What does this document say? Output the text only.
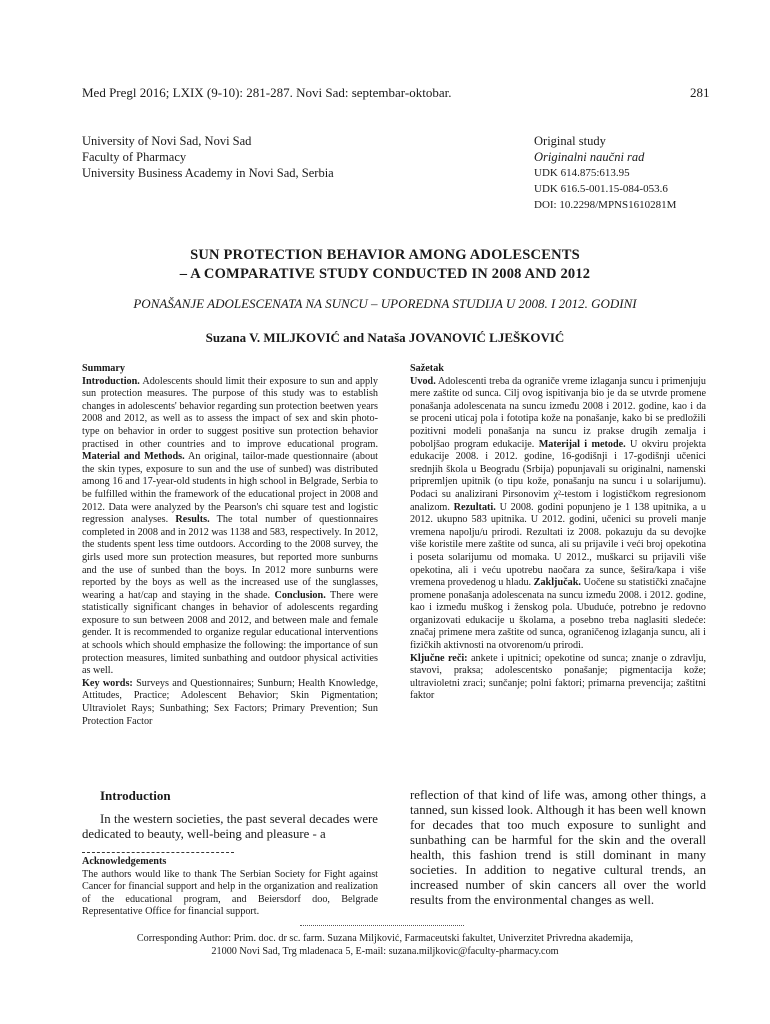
Med Pregl 2016; LXIX (9-10): 281-287. Novi Sad: septembar-oktobar.	281
University of Novi Sad, Novi Sad
Faculty of Pharmacy
University Business Academy in Novi Sad, Serbia
Original study
Originalni naučni rad
UDK 614.875:613.95
UDK 616.5-001.15-084-053.6
DOI: 10.2298/MPNS1610281M
SUN PROTECTION BEHAVIOR AMONG ADOLESCENTS
– A COMPARATIVE STUDY CONDUCTED IN 2008 AND 2012
PONAŠANJE ADOLESCENATA NA SUNCU – UPOREDNA STUDIJA U 2008. I 2012. GODINI
Suzana V. MILJKOVIĆ and Nataša JOVANOVIĆ LJEŠKOVIĆ
Summary
Introduction. Adolescents should limit their exposure to sun and apply sun protection measures. The purpose of this study was to establish changes in adolescents' behavior regarding sun protection beetwen years 2008 and 2012, as well as to assess the impact of sex and skin photo-type on behavior in order to suggest positive sun protection behavior practised in other countries and to improve educational program. Material and Methods. An original, tailor-made questionnaire (about the skin types, exposure to sun and the use of sunbed) was distributed among 16 and 17-year-old students in high school in Belgrade, Serbia to be fulfilled within the framework of the educational project in 2008 and 2012. Data were analyzed by the Pearson's chi square test and logistic regression analyses. Results. The total number of questionnaires completed in 2008 and in 2012 was 1138 and 583, respectively. In 2012, the students spent less time outdoors. According to the 2008 survey, the girls used more sun protection measures, but reported more sunburns and the use of sunbed than the boys. In 2012 more sunburns were reported by the boys as well as the increased use of the sunglasses, wearing a hat/cap and staying in the shade. Conclusion. There were statistically significant changes in behavior of adolescents regarding exposure to sun between 2008 and 2012, and between male and female gender. It is recommended to organize regular educational interventions at schools which should emphasize the following: the importance of sun protection measures, limited sunbathing and outdoor physical activities as well.
Key words: Surveys and Questionnaires; Sunburn; Health Knowledge, Attitudes, Practice; Adolescent Behavior; Skin Pigmentation; Ultraviolet Rays; Sunbathing; Sex Factors; Primary Prevention; Sun Protection Factor
Sažetak
Uvod. Adolescenti treba da ograniče vreme izlaganja suncu i primenjuju mere zaštite od sunca. Cilj ovog ispitivanja bio je da se utvrde promene ponašanja adolescenata na suncu između 2008 i 2012. godine, kao i da se proceni uticaj pola i fototipa kože na ponašanje, kako bi se predložili pozitivni modeli ponašanja na suncu iz prakse drugih zemalja i poboljšao program edukacije. Materijal i metode. U okviru projekta edukacije 2008. i 2012. godine, 16-godišnji i 17-godišnji učenici srednjih škola u Beogradu (Srbija) popunjavali su originalni, namenski pripremljen upitnik (o tipu kože, ponašanju na suncu i u solarijumu). Podaci su analizirani Pirsonovim χ²-testom i logističkom regresionom analizom. Rezultati. U 2008. godini popunjeno je 1 138 upitnika, a u 2012. ukupno 583 upitnika. U 2012. godini, učenici su proveli manje vremena napolju/u prirodi. Rezultati iz 2008. pokazuju da su devojke više koristile mere zaštite od sunca, ali su prijavile i veći broj opekotina i poseta solarijumu od momaka. U 2012., muškarci su prijavili više opekotina, ali i veću upotrebu naočara za sunce, šešira/kapa i više vremena provedenog u hladu. Zaključak. Uočene su statistički značajne promene ponašanja adolescenata na suncu između 2008. i 2012. godine, kao i između muškog i ženskog pola. Ubuduće, potrebno je redovno organizovati edukacije u školama, a posebno treba naglasiti sledeće: značaj primene mera zaštite od sunca, ograničenog izlaganja suncu, ali i fizičkih aktivnosti na otvorenom/u prirodi.
Ključne reči: ankete i upitnici; opekotine od sunca; znanje o zdravlju, stavovi, praksa; adolescentsko ponašanje; pigmentacija kože; ultravioletni zraci; sunčanje; polni faktori; primarna prevencija; zaštitni faktor
Introduction
In the western societies, the past several decades were dedicated to beauty, well-being and pleasure - a
Acknowledgements
The authors would like to thank The Serbian Society for Fight against Cancer for financial support and help in the organization and realization of the educational program, and Beiersdorf doo, Belgrade Representative Office for financial support.
reflection of that kind of life was, among other things, a tanned, sun kissed look. Although it has been well known for decades that too much exposure to sunlight and sunbathing can be harmful for the skin and the overall health, this fashion trend is still dominant in many societies. In addition to negative cultural trends, an increased number of skin cancers all over the world results from the environmental changes as well.
Corresponding Author: Prim. doc. dr sc. farm. Suzana Miljković, Farmaceutski fakultet, Univerzitet Privredna akademija,
21000 Novi Sad, Trg mladenaca 5, E-mail: suzana.miljkovic@faculty-pharmacy.com
